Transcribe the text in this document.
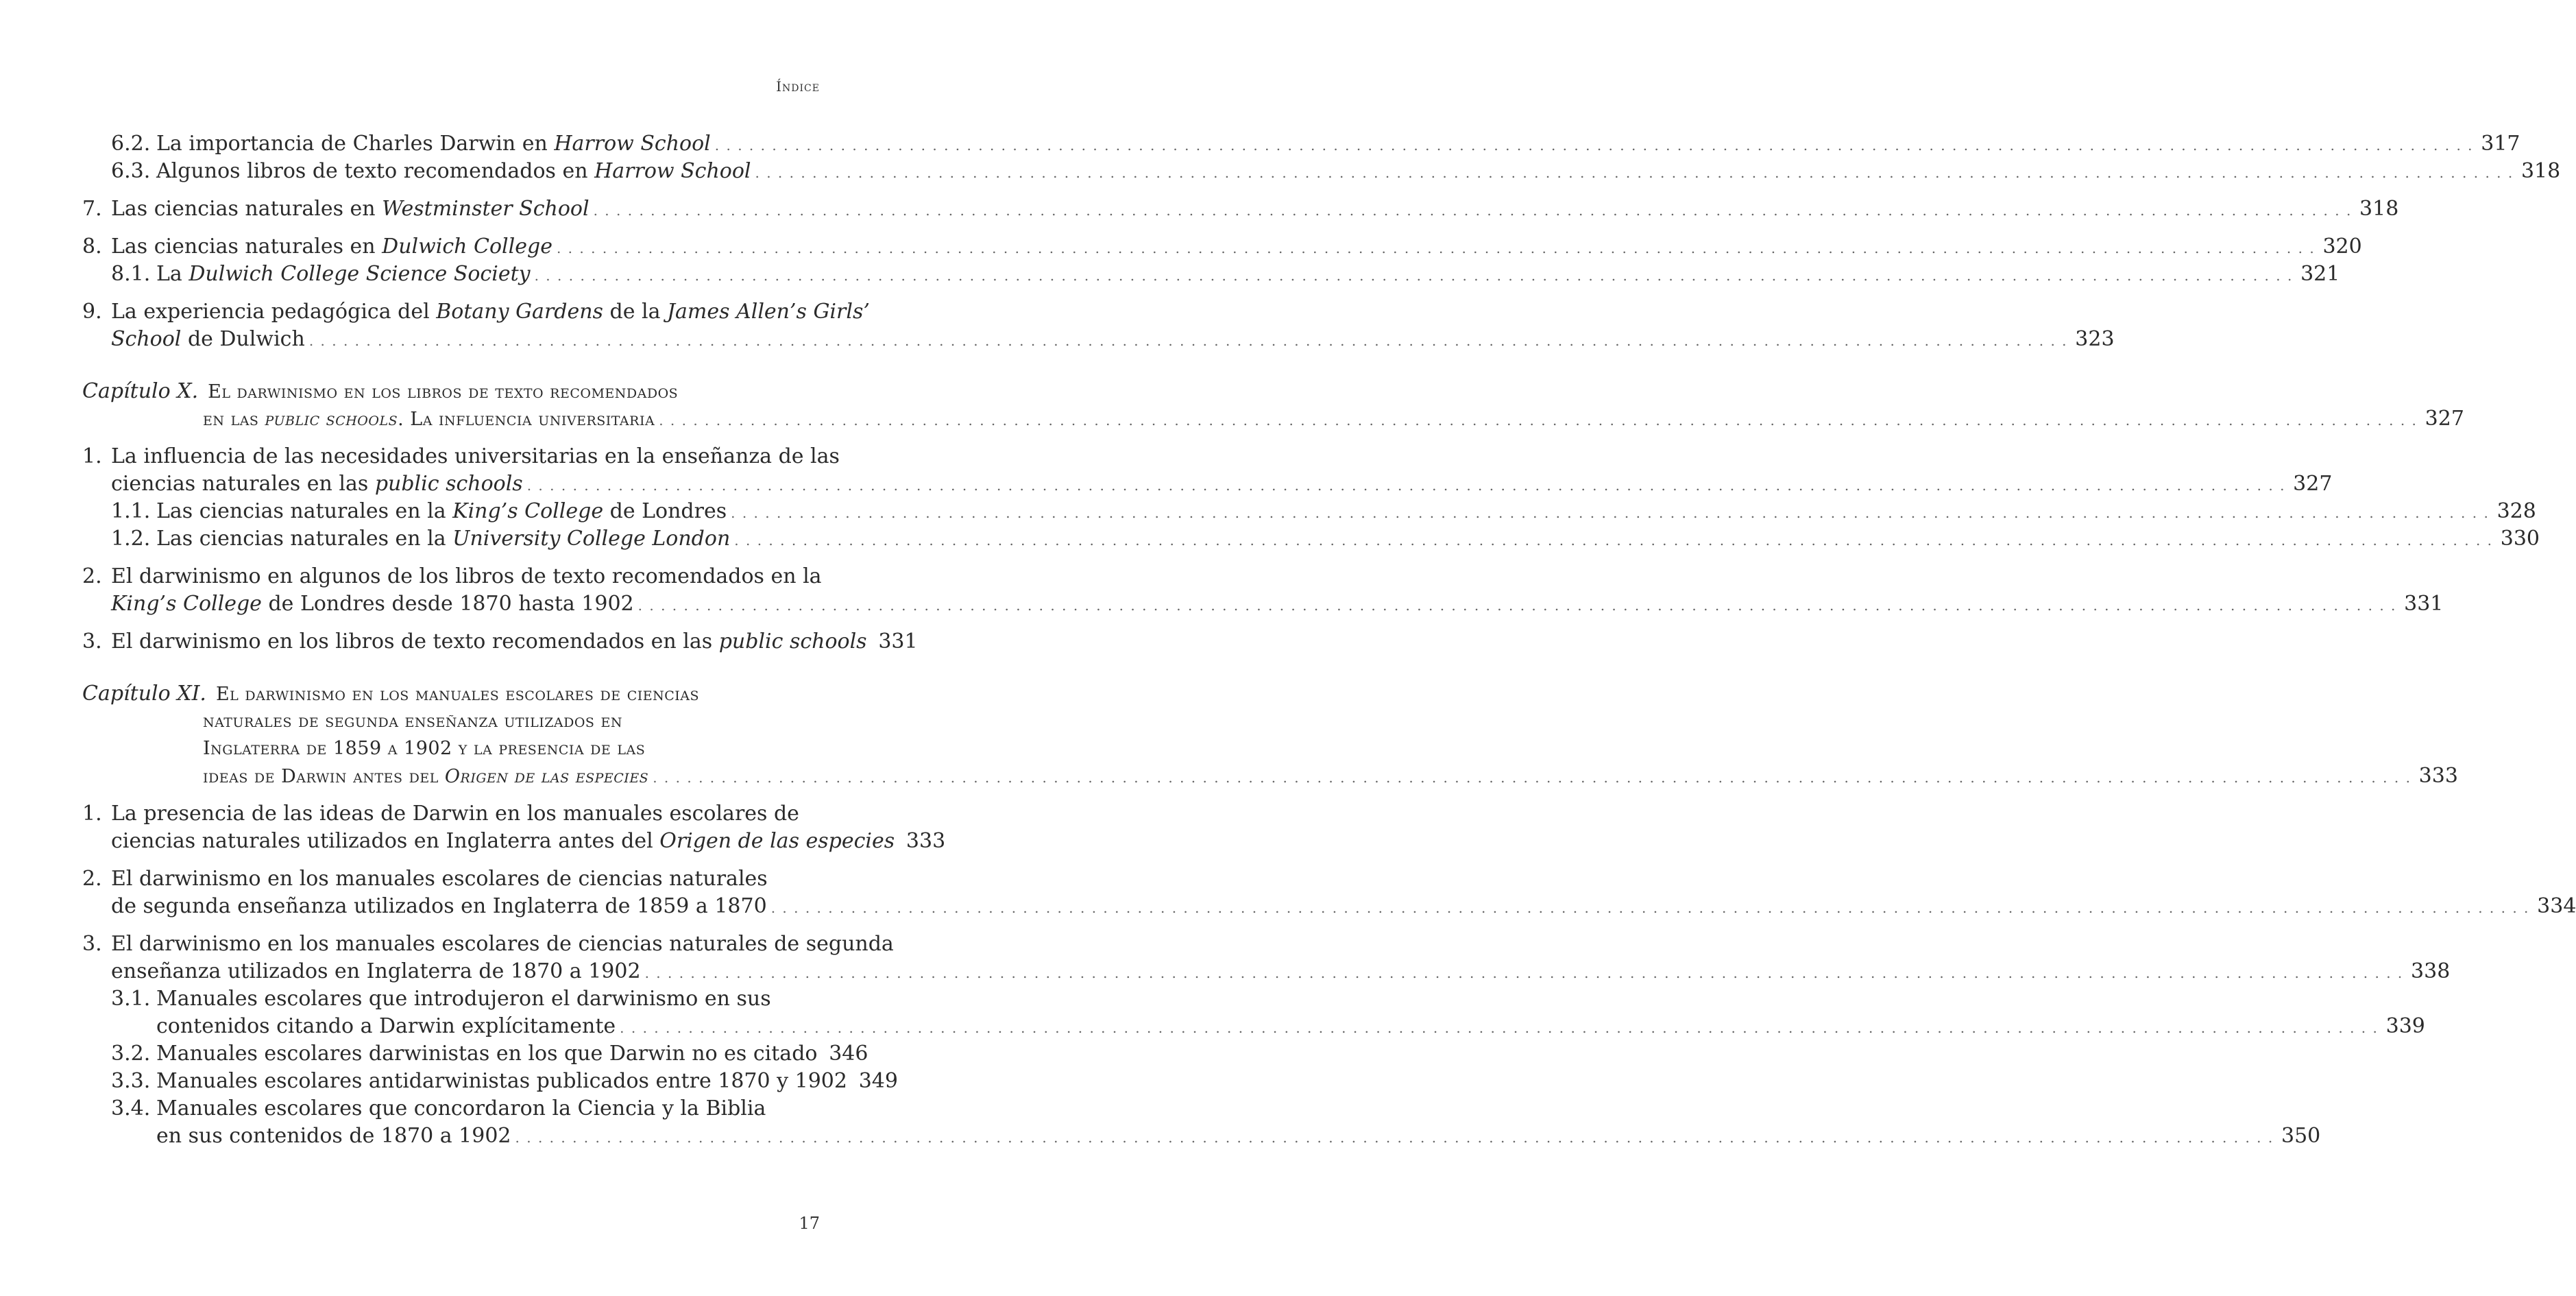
Índice
6.2. La importancia de Charles Darwin en Harrow School . . .	317
6.3. Algunos libros de texto recomendados en Harrow School . . .	318
7. Las ciencias naturales en Westminster School . . .	318
8. Las ciencias naturales en Dulwich College . . .	320
8.1. La Dulwich College Science Society . . .	321
9. La experiencia pedagógica del Botany Gardens de la James Allen’s Girls’
School de Dulwich . . .	323
Capítulo X. El darwinismo en los libros de texto recomendados
en las public schools. La influencia universitaria . . .	327
1. La influencia de las necesidades universitarias en la enseñanza de las
ciencias naturales en las public schools . . .	327
1.1. Las ciencias naturales en la King’s College de Londres . . .	328
1.2. Las ciencias naturales en la University College London . . .	330
2. El darwinismo en algunos de los libros de texto recomendados en la
King’s College de Londres desde 1870 hasta 1902 . . .	331
3. El darwinismo en los libros de texto recomendados en las public schools 331
Capítulo XI. El darwinismo en los manuales escolares de ciencias
naturales de segunda enseñanza utilizados en
Inglaterra de 1859 a 1902 y la presencia de las
ideas de Darwin antes del Origen de las especies . . .	333
1. La presencia de las ideas de Darwin en los manuales escolares de
ciencias naturales utilizados en Inglaterra antes del Origen de las especies 333
2. El darwinismo en los manuales escolares de ciencias naturales
de segunda enseñanza utilizados en Inglaterra de 1859 a 1870 . . .	334
3. El darwinismo en los manuales escolares de ciencias naturales de segunda
enseñanza utilizados en Inglaterra de 1870 a 1902 . . .	338
3.1. Manuales escolares que introdujeron el darwinismo en sus
contenidos citando a Darwin explícitamente . . .	339
3.2. Manuales escolares darwinistas en los que Darwin no es citado 346
3.3. Manuales escolares antidarwinistas publicados entre 1870 y 1902 349
3.4. Manuales escolares que concordaron la Ciencia y la Biblia
en sus contenidos de 1870 a 1902 . . .	350
17
